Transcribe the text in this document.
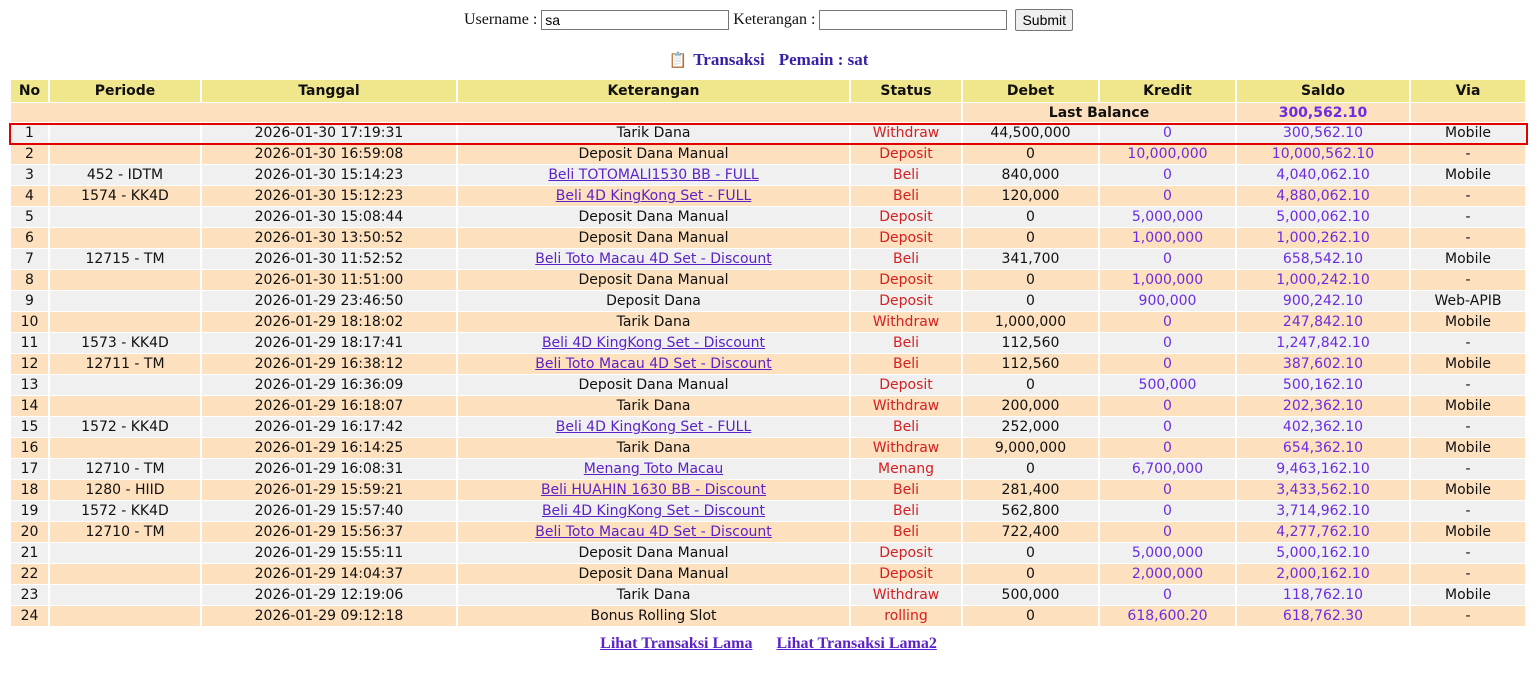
Username :
sa	Keterangan :	Submit
📋 Transaksi Pemain : sat
No	Periode	Tanggal	Keterangan	Status	Debet	Kredit	Saldo	Via
					Last Balance		300,562.10	
1		2026-01-30 17:19:31	Tarik Dana	Withdraw	44,500,000	0	300,562.10	Mobile
2		2026-01-30 16:59:08	Deposit Dana Manual	Deposit	0	10,000,000	10,000,562.10	-
3	452 - IDTM	2026-01-30 15:14:23	Beli TOTOMALI1530 BB - FULL	Beli	840,000	0	4,040,062.10	Mobile
4	1574 - KK4D	2026-01-30 15:12:23	Beli 4D KingKong Set - FULL	Beli	120,000	0	4,880,062.10	-
5		2026-01-30 15:08:44	Deposit Dana Manual	Deposit	0	5,000,000	5,000,062.10	-
6		2026-01-30 13:50:52	Deposit Dana Manual	Deposit	0	1,000,000	1,000,262.10	-
7	12715 - TM	2026-01-30 11:52:52	Beli Toto Macau 4D Set - Discount	Beli	341,700	0	658,542.10	Mobile
8		2026-01-30 11:51:00	Deposit Dana Manual	Deposit	0	1,000,000	1,000,242.10	-
9		2026-01-29 23:46:50	Deposit Dana	Deposit	0	900,000	900,242.10	Web-APIB
10		2026-01-29 18:18:02	Tarik Dana	Withdraw	1,000,000	0	247,842.10	Mobile
11	1573 - KK4D	2026-01-29 18:17:41	Beli 4D KingKong Set - Discount	Beli	112,560	0	1,247,842.10	-
12	12711 - TM	2026-01-29 16:38:12	Beli Toto Macau 4D Set - Discount	Beli	112,560	0	387,602.10	Mobile
13		2026-01-29 16:36:09	Deposit Dana Manual	Deposit	0	500,000	500,162.10	-
14		2026-01-29 16:18:07	Tarik Dana	Withdraw	200,000	0	202,362.10	Mobile
15	1572 - KK4D	2026-01-29 16:17:42	Beli 4D KingKong Set - FULL	Beli	252,000	0	402,362.10	-
16		2026-01-29 16:14:25	Tarik Dana	Withdraw	9,000,000	0	654,362.10	Mobile
17	12710 - TM	2026-01-29 16:08:31	Menang Toto Macau	Menang	0	6,700,000	9,463,162.10	-
18	1280 - HIID	2026-01-29 15:59:21	Beli HUAHIN 1630 BB - Discount	Beli	281,400	0	3,433,562.10	Mobile
19	1572 - KK4D	2026-01-29 15:57:40	Beli 4D KingKong Set - Discount	Beli	562,800	0	3,714,962.10	-
20	12710 - TM	2026-01-29 15:56:37	Beli Toto Macau 4D Set - Discount	Beli	722,400	0	4,277,762.10	Mobile
21		2026-01-29 15:55:11	Deposit Dana Manual	Deposit	0	5,000,000	5,000,162.10	-
22		2026-01-29 14:04:37	Deposit Dana Manual	Deposit	0	2,000,000	2,000,162.10	-
23		2026-01-29 12:19:06	Tarik Dana	Withdraw	500,000	0	118,762.10	Mobile
24		2026-01-29 09:12:18	Bonus Rolling Slot	rolling	0	618,600.20	618,762.30	-
Lihat Transaksi Lama Lihat Transaksi Lama2
